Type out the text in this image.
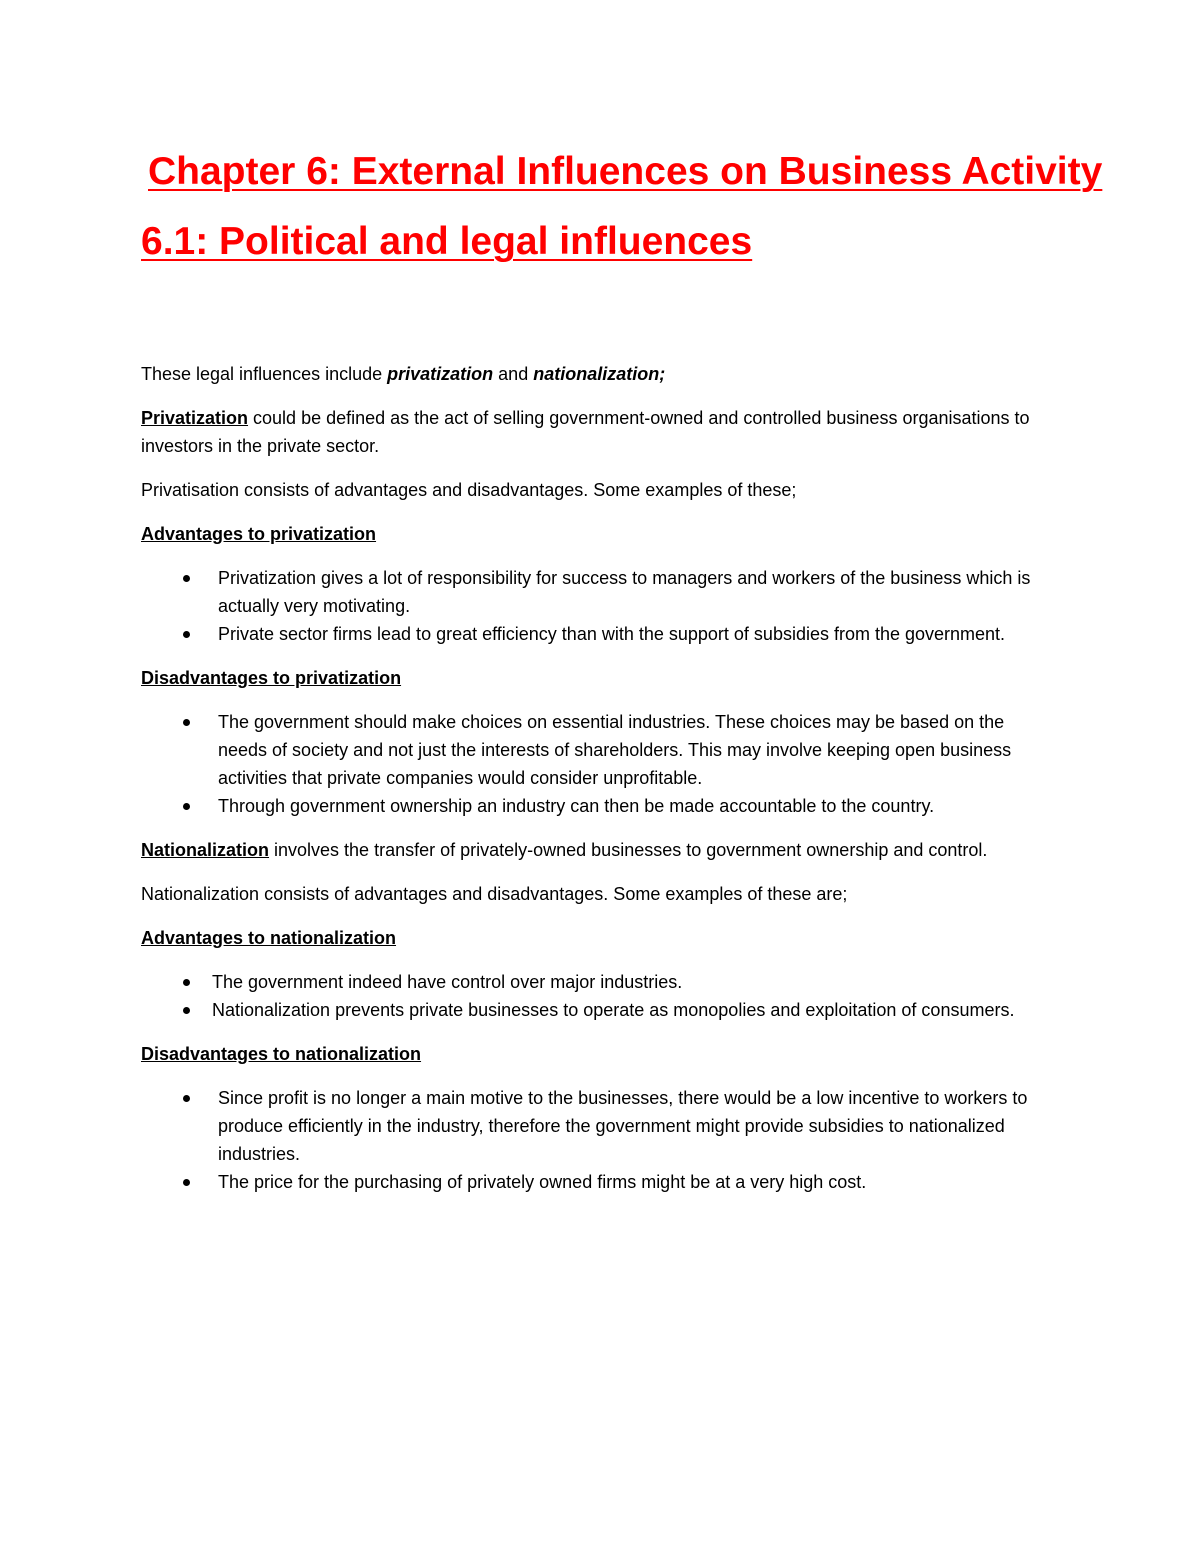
Chapter 6: External Influences on Business Activity
6.1: Political and legal influences

These legal influences include privatization and nationalization;

Privatization could be defined as the act of selling government-owned and controlled business organisations to investors in the private sector.

Privatisation consists of advantages and disadvantages. Some examples of these;

Advantages to privatization

Privatization gives a lot of responsibility for success to managers and workers of the business which is actually very motivating.
Private sector firms lead to great efficiency than with the support of subsidies from the government.

Disadvantages to privatization

The government should make choices on essential industries. These choices may be based on the needs of society and not just the interests of shareholders. This may involve keeping open business activities that private companies would consider unprofitable.
Through government ownership an industry can then be made accountable to the country.

Nationalization involves the transfer of privately-owned businesses to government ownership and control.

Nationalization consists of advantages and disadvantages. Some examples of these are;

Advantages to nationalization

The government indeed have control over major industries.
Nationalization prevents private businesses to operate as monopolies and exploitation of consumers.

Disadvantages to nationalization

Since profit is no longer a main motive to the businesses, there would be a low incentive to workers to produce efficiently in the industry, therefore the government might provide subsidies to nationalized industries.
The price for the purchasing of privately owned firms might be at a very high cost.
